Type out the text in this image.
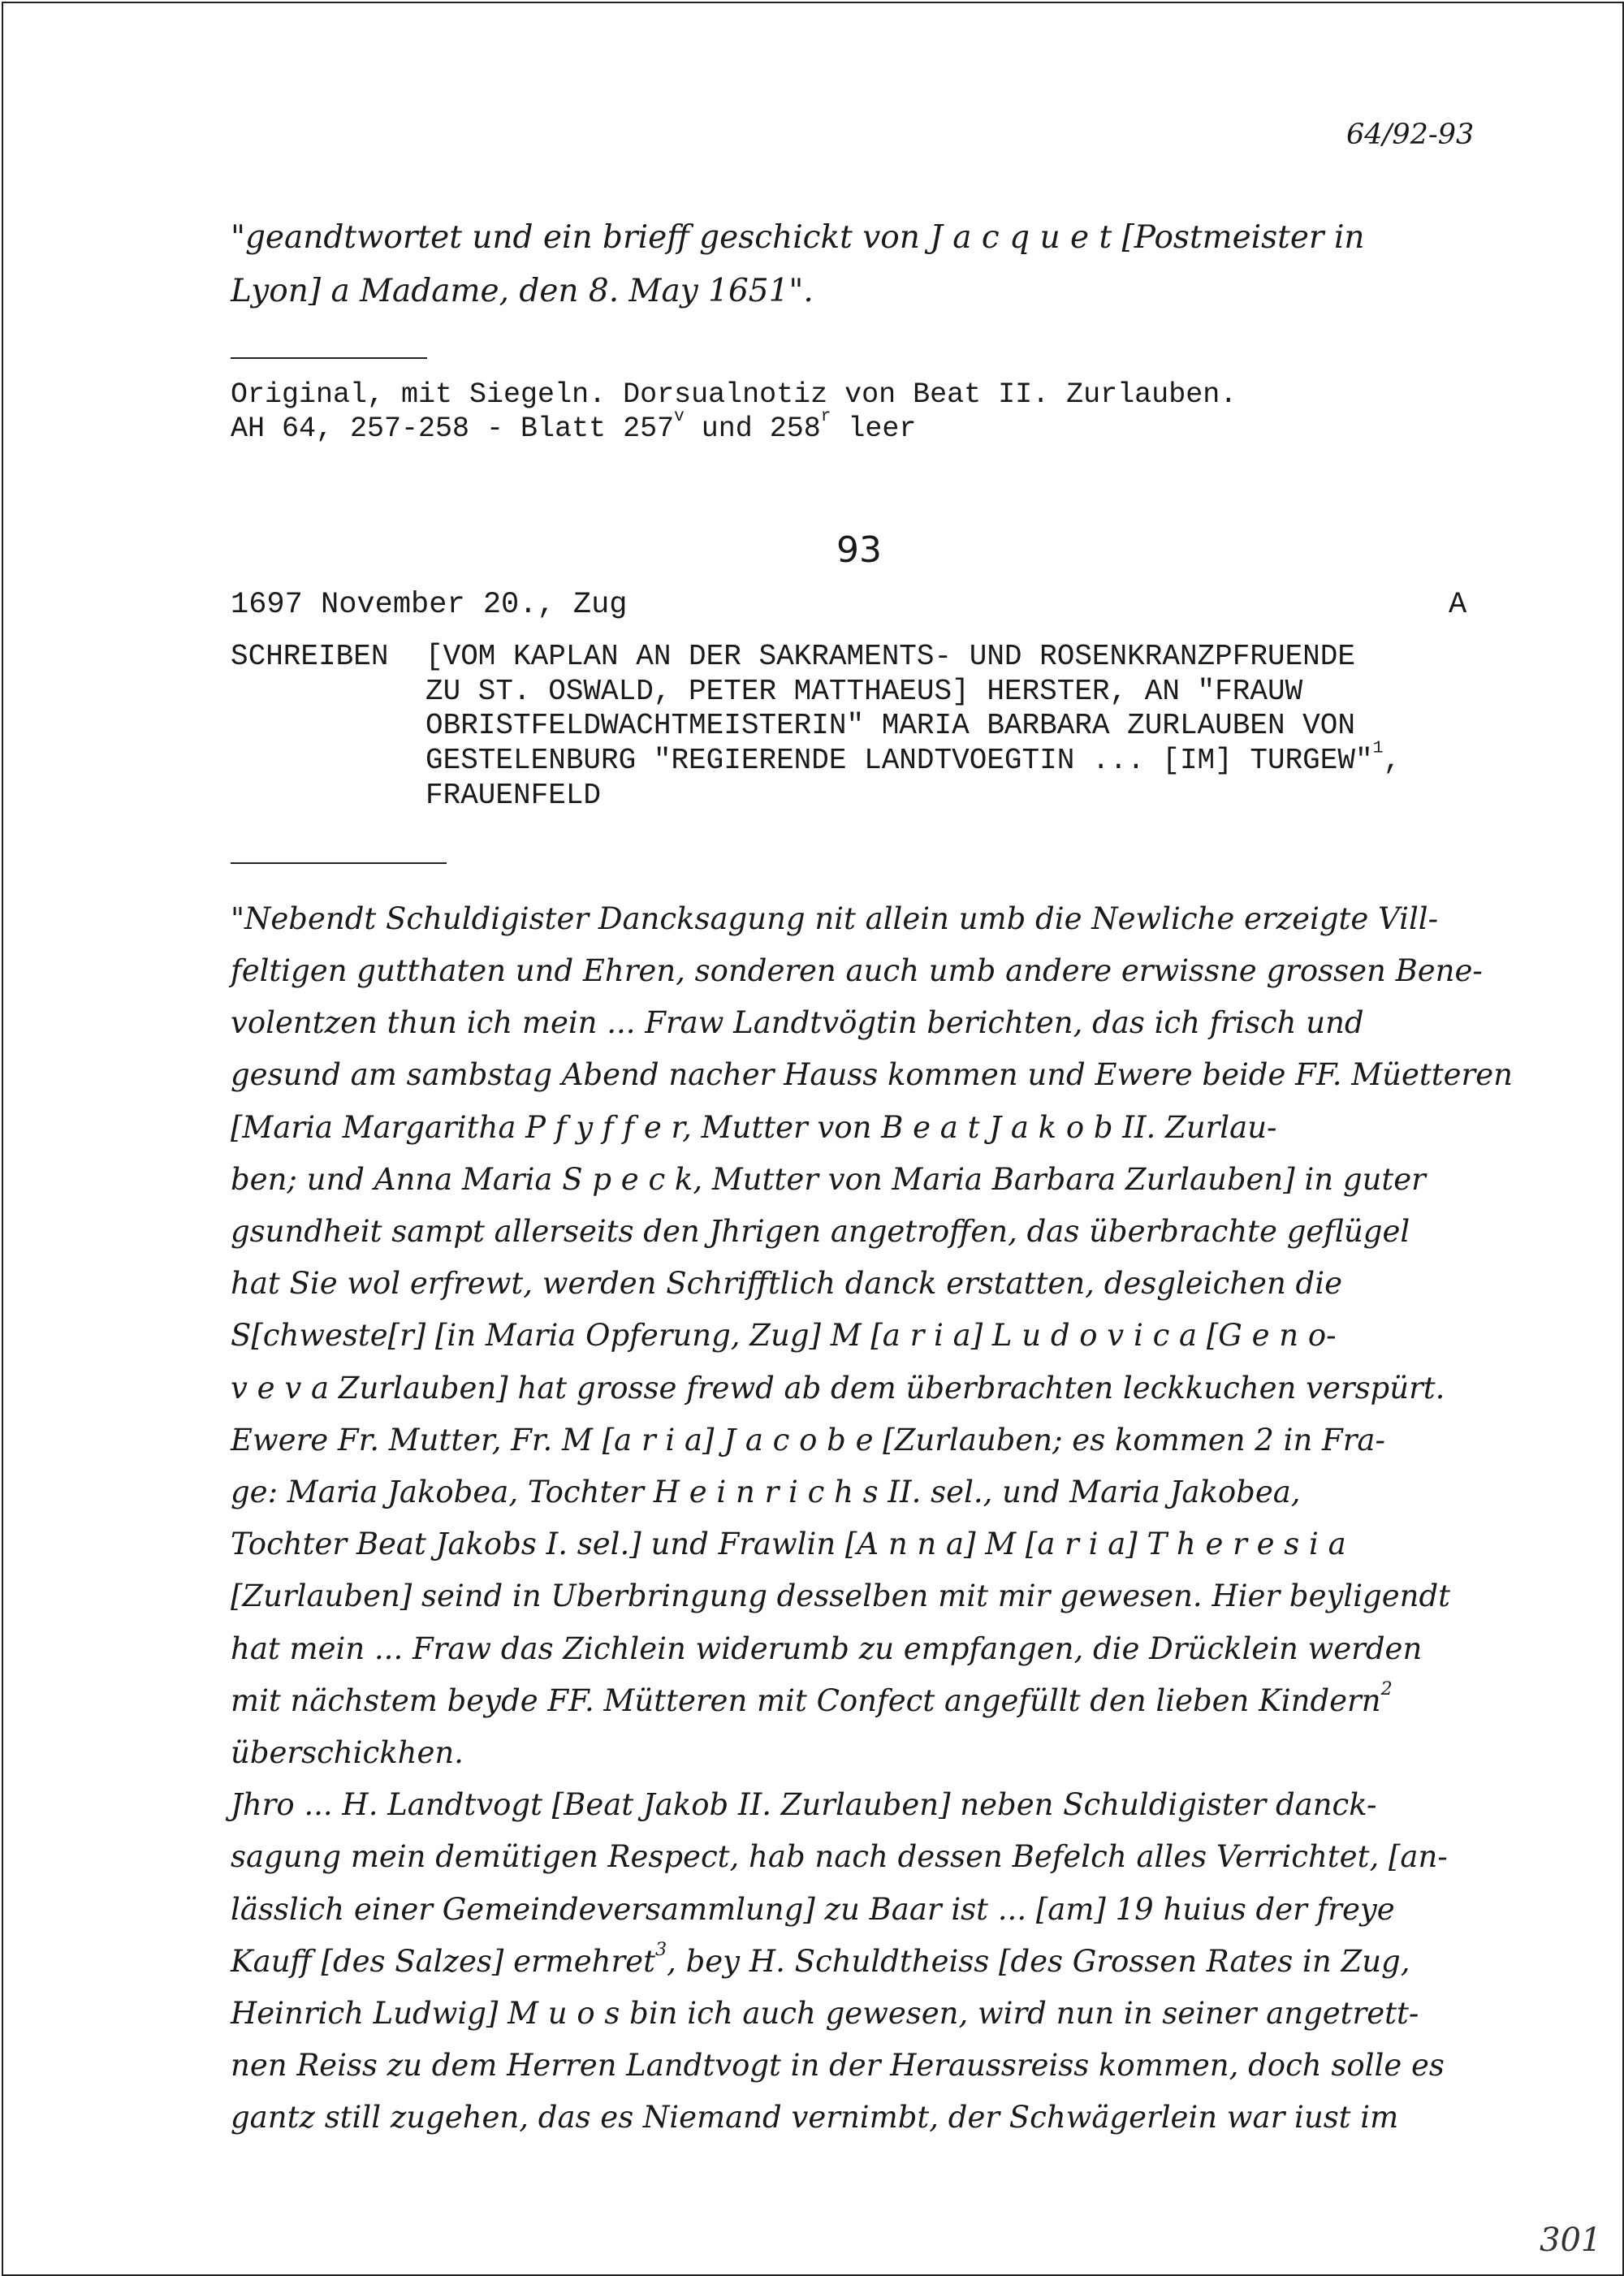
64/92-93
"geandtwortet und ein brieff geschickt von J a c q u e t [Postmeister in
Lyon] a Madame, den 8. May 1651".
Original, mit Siegeln. Dorsualnotiz von Beat II. Zurlauben.
AH 64, 257-258 - Blatt 257$^v$ und 258$^r$ leer
93
1697 November 20., Zug	A
SCHREIBEN [VOM KAPLAN AN DER SAKRAMENTS- UND ROSENKRANZPFRUENDE
ZU ST. OSWALD, PETER MATTHAEUS] HERSTER, AN "FRAUW
OBRISTFELDWACHTMEISTERIN" MARIA BARBARA ZURLAUBEN VON
GESTELENBURG "REGIERENDE LANDTVOEGTIN ... [IM] TURGEW"$^1$,
FRAUENFELD
"Nebendt Schuldigister Dancksagung nit allein umb die Newliche erzeigte Vill-
feltigen gutthaten und Ehren, sonderen auch umb andere erwissne grossen Bene-
volentzen thun ich mein ... Fraw Landtvögtin berichten, das ich frisch und
gesund am sambstag Abend nacher Hauss kommen und Ewere beide FF. Müetteren
[Maria Margaritha P f y f f e r, Mutter von B e a t J a k o b II. Zurlau-
ben; und Anna Maria S p e c k, Mutter von Maria Barbara Zurlauben] in guter
gsundheit sampt allerseits den Jhrigen angetroffen, das überbrachte geflügel
hat Sie wol erfrewt, werden Schrifftlich danck erstatten, desgleichen die
S[chweste[r] [in Maria Opferung, Zug] M [a r i a] L u d o v i c a [G e n o-
v e v a Zurlauben] hat grosse frewd ab dem überbrachten leckkuchen verspürt.
Ewere Fr. Mutter, Fr. M [a r i a] J a c o b e [Zurlauben; es kommen 2 in Fra-
ge: Maria Jakobea, Tochter H e i n r i c h s II. sel., und Maria Jakobea,
Tochter Beat Jakobs I. sel.] und Frawlin [A n n a] M [a r i a] T h e r e s i a
[Zurlauben] seind in Uberbringung desselben mit mir gewesen. Hier beyligendt
hat mein ... Fraw das Zichlein widerumb zu empfangen, die Drücklein werden
mit nächstem beyde FF. Mütteren mit Confect angefüllt den lieben Kindern$^2$
überschickhen.
Jhro ... H. Landtvogt [Beat Jakob II. Zurlauben] neben Schuldigister danck-
sagung mein demütigen Respect, hab nach dessen Befelch alles Verrichtet, [an-
lässlich einer Gemeindeversammlung] zu Baar ist ... [am] 19 huius der freye
Kauff [des Salzes] ermehret$^3$, bey H. Schuldtheiss [des Grossen Rates in Zug,
Heinrich Ludwig] M u o s bin ich auch gewesen, wird nun in seiner angetrett-
nen Reiss zu dem Herren Landtvogt in der Heraussreiss kommen, doch solle es
gantz still zugehen, das es Niemand vernimbt, der Schwägerlein war iust im
301
